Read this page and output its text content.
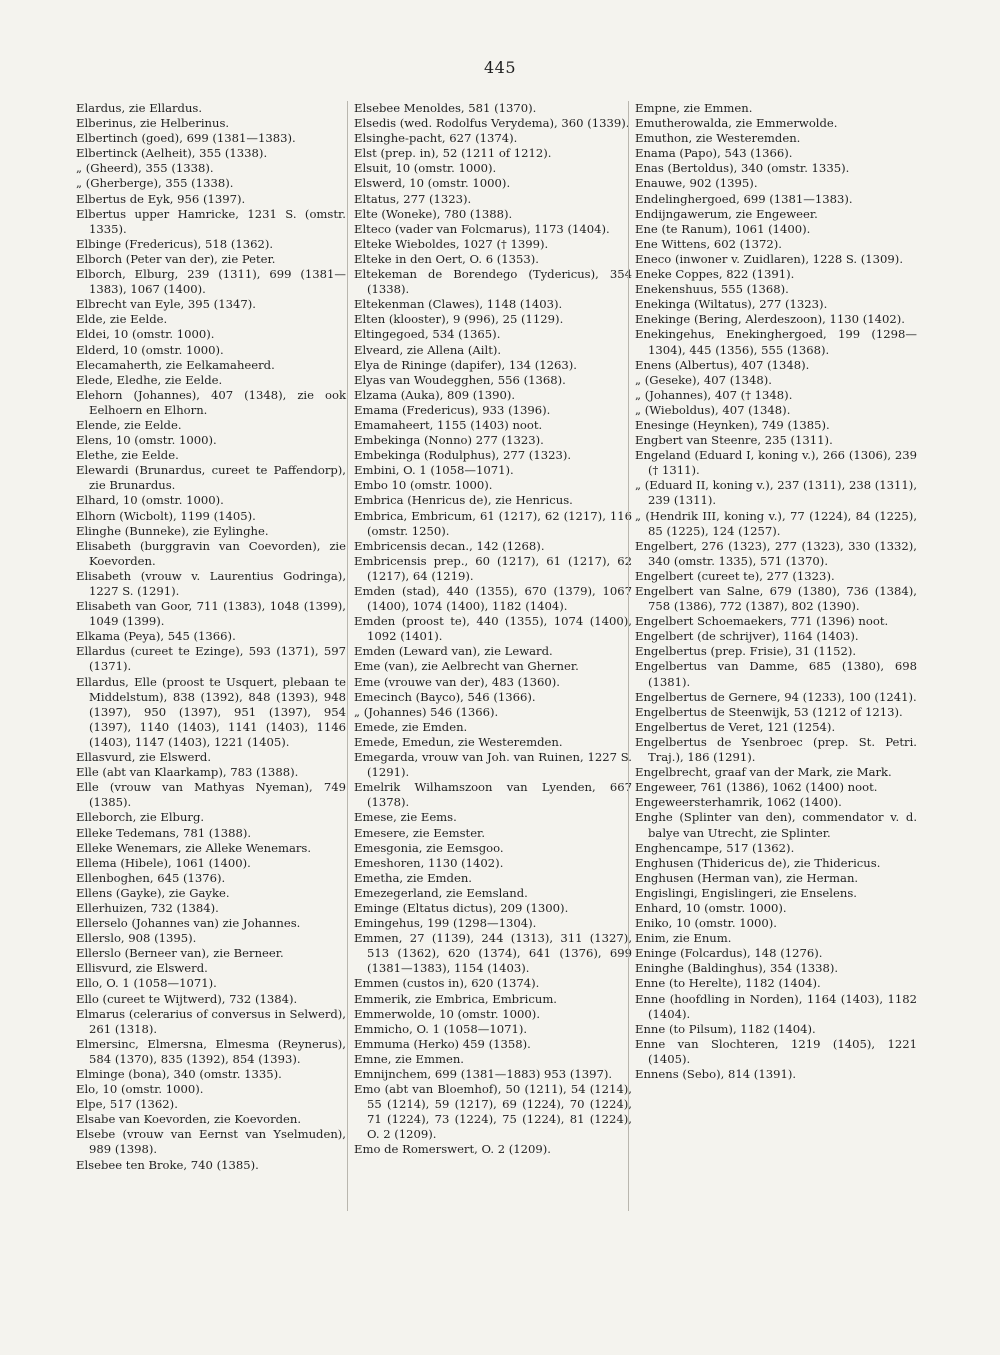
445

Elardus, zie Ellardus.

Elberinus, zie Helberinus.

Elbertinch (goed), 699 (1381—1383).

Elbertinck (Aelheit), 355 (1338).

„ (Gheerd), 355 (1338).

„ (Gherberge), 355 (1338).

Elbertus de Eyk, 956 (1397).

Elbertus upper Hamricke, 1231 S. (omstr. 1335).

Elbinge (Fredericus), 518 (1362).

Elborch (Peter van der), zie Peter.

Elborch, Elburg, 239 (1311), 699 (1381—1383), 1067 (1400).

Elbrecht van Eyle, 395 (1347).

Elde, zie Eelde.

Eldei, 10 (omstr. 1000).

Elderd, 10 (omstr. 1000).

Elecamaherth, zie Eelkamaheerd.

Elede, Eledhe, zie Eelde.

Elehorn (Johannes), 407 (1348), zie ook Eelhoern en Elhorn.

Elende, zie Eelde.

Elens, 10 (omstr. 1000).

Elethe, zie Eelde.

Elewardi (Brunardus, cureet te Paffendorp), zie Brunardus.

Elhard, 10 (omstr. 1000).

Elhorn (Wicbolt), 1199 (1405).

Elinghe (Bunneke), zie Eylinghe.

Elisabeth (burggravin van Coevorden), zie Koevorden.

Elisabeth (vrouw v. Laurentius Godringa), 1227 S. (1291).

Elisabeth van Goor, 711 (1383), 1048 (1399), 1049 (1399).

Elkama (Peya), 545 (1366).

Ellardus (cureet te Ezinge), 593 (1371), 597 (1371).

Ellardus, Elle (proost te Usquert, plebaan te Middelstum), 838 (1392), 848 (1393), 948 (1397), 950 (1397), 951 (1397), 954 (1397), 1140 (1403), 1141 (1403), 1146 (1403), 1147 (1403), 1221 (1405).

Ellasvurd, zie Elswerd.

Elle (abt van Klaarkamp), 783 (1388).

Elle (vrouw van Mathyas Nyeman), 749 (1385).

Elleborch, zie Elburg.

Elleke Tedemans, 781 (1388).

Elleke Wenemars, zie Alleke Wenemars.

Ellema (Hibele), 1061 (1400).

Ellenboghen, 645 (1376).

Ellens (Gayke), zie Gayke.

Ellerhuizen, 732 (1384).

Ellerselo (Johannes van) zie Johannes.

Ellerslo, 908 (1395).

Ellerslo (Berneer van), zie Berneer.

Ellisvurd, zie Elswerd.

Ello, O. 1 (1058—1071).

Ello (cureet te Wijtwerd), 732 (1384).

Elmarus (celerarius of conversus in Selwerd), 261 (1318).

Elmersinc, Elmersna, Elmesma (Reynerus), 584 (1370), 835 (1392), 854 (1393).

Elminge (bona), 340 (omstr. 1335).

Elo, 10 (omstr. 1000).

Elpe, 517 (1362).

Elsabe van Koevorden, zie Koevorden.

Elsebe (vrouw van Eernst van Yselmuden), 989 (1398).

Elsebee ten Broke, 740 (1385).

Elsebee Menoldes, 581 (1370).

Elsedis (wed. Rodolfus Verydema), 360 (1339).

Elsinghe-pacht, 627 (1374).

Elst (prep. in), 52 (1211 of 1212).

Elsuit, 10 (omstr. 1000).

Elswerd, 10 (omstr. 1000).

Eltatus, 277 (1323).

Elte (Woneke), 780 (1388).

Elteco (vader van Folcmarus), 1173 (1404).

Elteke Wieboldes, 1027 († 1399).

Elteke in den Oert, O. 6 (1353).

Eltekeman de Borendego (Tydericus), 354 (1338).

Eltekenman (Clawes), 1148 (1403).

Elten (klooster), 9 (996), 25 (1129).

Eltingegoed, 534 (1365).

Elveard, zie Allena (Ailt).

Elya de Rininge (dapifer), 134 (1263).

Elyas van Woudegghen, 556 (1368).

Elzama (Auka), 809 (1390).

Emama (Fredericus), 933 (1396).

Emamaheert, 1155 (1403) noot.

Embekinga (Nonno) 277 (1323).

Embekinga (Rodulphus), 277 (1323).

Embini, O. 1 (1058—1071).

Embo 10 (omstr. 1000).

Embrica (Henricus de), zie Henricus.

Embrica, Embricum, 61 (1217), 62 (1217), 116 (omstr. 1250).

Embricensis decan., 142 (1268).

Embricensis prep., 60 (1217), 61 (1217), 62 (1217), 64 (1219).

Emden (stad), 440 (1355), 670 (1379), 1067 (1400), 1074 (1400), 1182 (1404).

Emden (proost te), 440 (1355), 1074 (1400), 1092 (1401).

Emden (Leward van), zie Leward.

Eme (van), zie Aelbrecht van Gherner.

Eme (vrouwe van der), 483 (1360).

Emecinch (Bayco), 546 (1366).

„ (Johannes) 546 (1366).

Emede, zie Emden.

Emede, Emedun, zie Westeremden.

Emegarda, vrouw van Joh. van Ruinen, 1227 S. (1291).

Emelrik Wilhamszoon van Lyenden, 667 (1378).

Emese, zie Eems.

Emesere, zie Eemster.

Emesgonia, zie Eemsgoo.

Emeshoren, 1130 (1402).

Emetha, zie Emden.

Emezegerland, zie Eemsland.

Eminge (Eltatus dictus), 209 (1300).

Emingehus, 199 (1298—1304).

Emmen, 27 (1139), 244 (1313), 311 (1327), 513 (1362), 620 (1374), 641 (1376), 699 (1381—1383), 1154 (1403).

Emmen (custos in), 620 (1374).

Emmerik, zie Embrica, Embricum.

Emmerwolde, 10 (omstr. 1000).

Emmicho, O. 1 (1058—1071).

Emmuma (Herko) 459 (1358).

Emne, zie Emmen.

Emnijnchem, 699 (1381—1883) 953 (1397).

Emo (abt van Bloemhof), 50 (1211), 54 (1214), 55 (1214), 59 (1217), 69 (1224), 70 (1224), 71 (1224), 73 (1224), 75 (1224), 81 (1224), O. 2 (1209).

Emo de Romerswert, O. 2 (1209).

Empne, zie Emmen.

Emutherowalda, zie Emmerwolde.

Emuthon, zie Westeremden.

Enama (Papo), 543 (1366).

Enas (Bertoldus), 340 (omstr. 1335).

Enauwe, 902 (1395).

Endelinghergoed, 699 (1381—1383).

Endijngawerum, zie Engeweer.

Ene (te Ranum), 1061 (1400).

Ene Wittens, 602 (1372).

Eneco (inwoner v. Zuidlaren), 1228 S. (1309).

Eneke Coppes, 822 (1391).

Enekenshuus, 555 (1368).

Enekinga (Wiltatus), 277 (1323).

Enekinge (Bering, Alerdeszoon), 1130 (1402).

Enekingehus, Enekinghergoed, 199 (1298—1304), 445 (1356), 555 (1368).

Enens (Albertus), 407 (1348).

„ (Geseke), 407 (1348).

„ (Johannes), 407 († 1348).

„ (Wieboldus), 407 (1348).

Enesinge (Heynken), 749 (1385).

Engbert van Steenre, 235 (1311).

Engeland (Eduard I, koning v.), 266 (1306), 239 († 1311).

„ (Eduard II, koning v.), 237 (1311), 238 (1311), 239 (1311).

„ (Hendrik III, koning v.), 77 (1224), 84 (1225), 85 (1225), 124 (1257).

Engelbert, 276 (1323), 277 (1323), 330 (1332), 340 (omstr. 1335), 571 (1370).

Engelbert (cureet te), 277 (1323).

Engelbert van Salne, 679 (1380), 736 (1384), 758 (1386), 772 (1387), 802 (1390).

Engelbert Schoemaekers, 771 (1396) noot.

Engelbert (de schrijver), 1164 (1403).

Engelbertus (prep. Frisie), 31 (1152).

Engelbertus van Damme, 685 (1380), 698 (1381).

Engelbertus de Gernere, 94 (1233), 100 (1241).

Engelbertus de Steenwijk, 53 (1212 of 1213).

Engelbertus de Veret, 121 (1254).

Engelbertus de Ysenbroec (prep. St. Petri. Traj.), 186 (1291).

Engelbrecht, graaf van der Mark, zie Mark.

Engeweer, 761 (1386), 1062 (1400) noot.

Engeweersterhamrik, 1062 (1400).

Enghe (Splinter van den), commendator v. d. balye van Utrecht, zie Splinter.

Enghencampe, 517 (1362).

Enghusen (Thidericus de), zie Thidericus.

Enghusen (Herman van), zie Herman.

Engislingi, Engislingeri, zie Enselens.

Enhard, 10 (omstr. 1000).

Eniko, 10 (omstr. 1000).

Enim, zie Enum.

Eninge (Folcardus), 148 (1276).

Eninghe (Baldinghus), 354 (1338).

Enne (to Herelte), 1182 (1404).

Enne (hoofdling in Norden), 1164 (1403), 1182 (1404).

Enne (to Pilsum), 1182 (1404).

Enne van Slochteren, 1219 (1405), 1221 (1405).

Ennens (Sebo), 814 (1391).
